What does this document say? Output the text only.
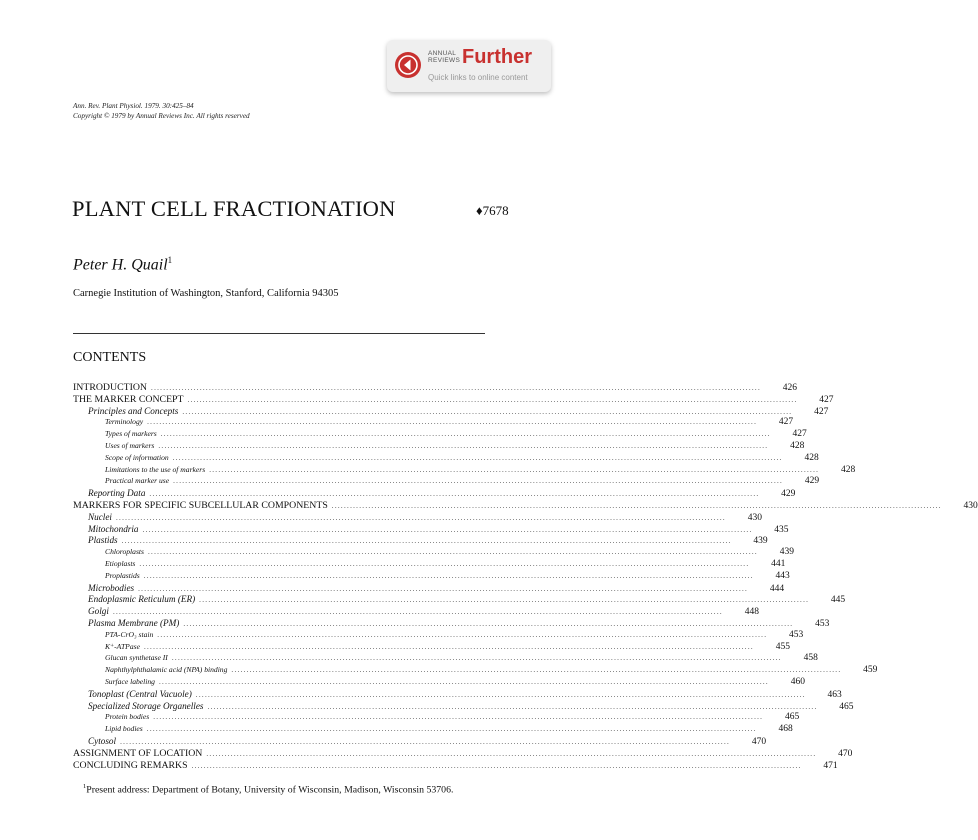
ANNUAL
REVIEWS Further
Quick links to online content
Ann. Rev. Plant Physiol. 1979. 30:425–84
Copyright © 1979 by Annual Reviews Inc. All rights reserved
PLANT CELL FRACTIONATION	♦7678
Peter H. Quail$^1$
Carnegie Institution of Washington, Stanford, California 94305
CONTENTS
INTRODUCTION ........................................................................................................................................................................................................	426
THE MARKER CONCEPT ........................................................................................................................................................................................................	427
Principles and Concepts ........................................................................................................................................................................................................	427
Terminology ........................................................................................................................................................................................................	427
Types of markers ........................................................................................................................................................................................................	427
Uses of markers ........................................................................................................................................................................................................	428
Scope of information ........................................................................................................................................................................................................	428
Limitations to the use of markers ........................................................................................................................................................................................................	428
Practical marker use ........................................................................................................................................................................................................	429
Reporting Data ........................................................................................................................................................................................................	429
MARKERS FOR SPECIFIC SUBCELLULAR COMPONENTS ........................................................................................................................................................................................................	430
Nuclei ........................................................................................................................................................................................................	430
Mitochondria ........................................................................................................................................................................................................	435
Plastids ........................................................................................................................................................................................................	439
Chloroplasts ........................................................................................................................................................................................................	439
Etioplasts ........................................................................................................................................................................................................	441
Proplastids ........................................................................................................................................................................................................	443
Microbodies ........................................................................................................................................................................................................	444
Endoplasmic Reticulum (ER) ........................................................................................................................................................................................................	445
Golgi ........................................................................................................................................................................................................	448
Plasma Membrane (PM) ........................................................................................................................................................................................................	453
PTA-CrO₃ stain ........................................................................................................................................................................................................	453
K⁺-ATPase ........................................................................................................................................................................................................	455
Glucan synthetase II ........................................................................................................................................................................................................	458
Naphthylphthalamic acid (NPA) binding ........................................................................................................................................................................................................	459
Surface labeling ........................................................................................................................................................................................................	460
Tonoplast (Central Vacuole) ........................................................................................................................................................................................................	463
Specialized Storage Organelles ........................................................................................................................................................................................................	465
Protein bodies ........................................................................................................................................................................................................	465
Lipid bodies ........................................................................................................................................................................................................	468
Cytosol ........................................................................................................................................................................................................	470
ASSIGNMENT OF LOCATION ........................................................................................................................................................................................................	470
CONCLUDING REMARKS ........................................................................................................................................................................................................	471
$^1$Present address: Department of Botany, University of Wisconsin, Madison, Wisconsin 53706.
